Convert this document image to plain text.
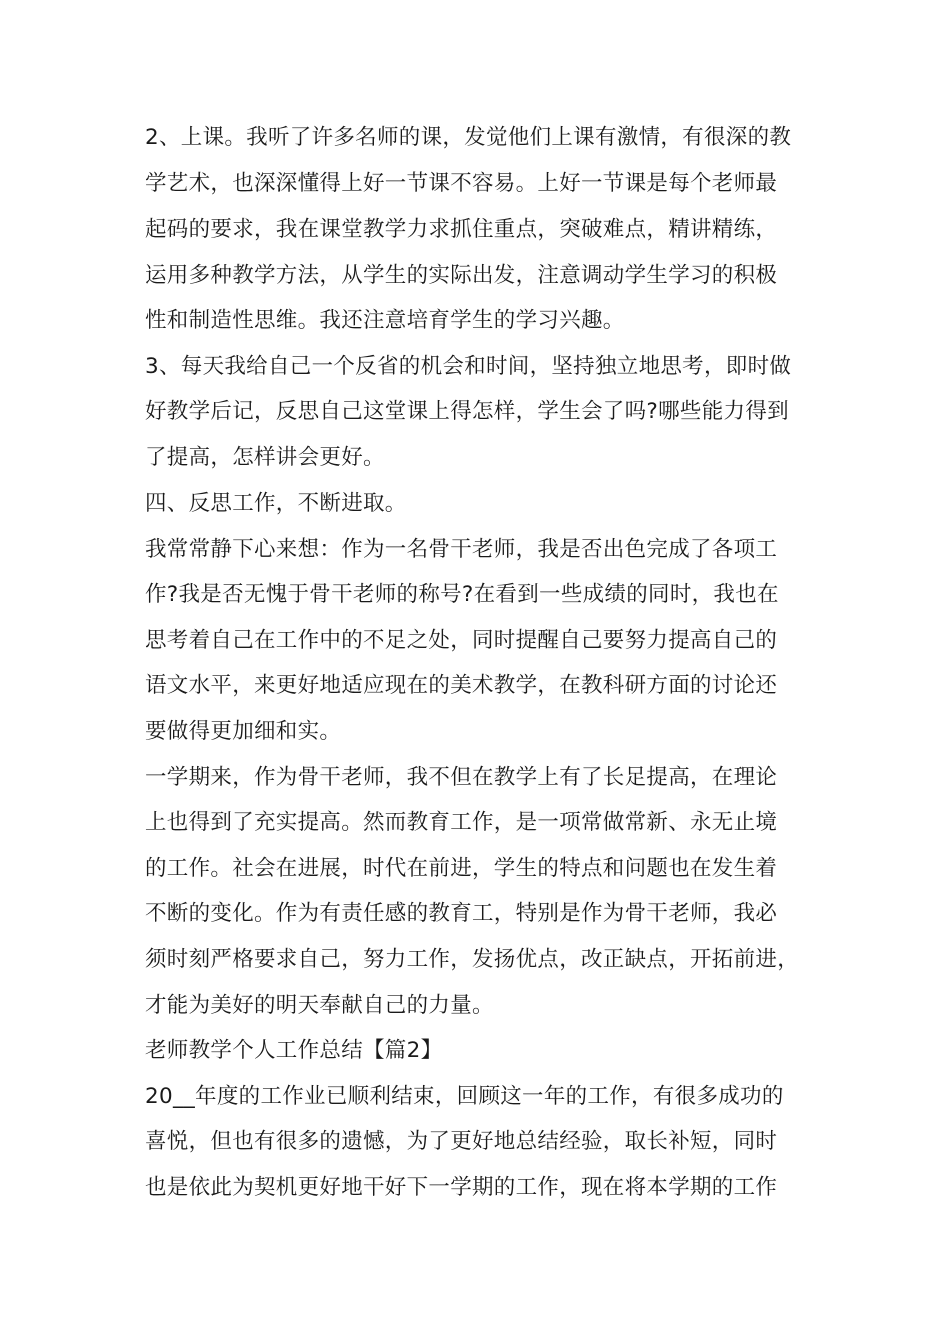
2、上课。我听了许多名师的课，发觉他们上课有激情，有很深的教

学艺术，也深深懂得上好一节课不容易。上好一节课是每个老师最

起码的要求，我在课堂教学力求抓住重点，突破难点，精讲精练，

运用多种教学方法，从学生的实际出发，注意调动学生学习的积极

性和制造性思维。我还注意培育学生的学习兴趣。

3、每天我给自己一个反省的机会和时间，坚持独立地思考，即时做

好教学后记，反思自己这堂课上得怎样，学生会了吗?哪些能力得到

了提高，怎样讲会更好。

四、反思工作，不断进取。

我常常静下心来想：作为一名骨干老师，我是否出色完成了各项工

作?我是否无愧于骨干老师的称号?在看到一些成绩的同时，我也在

思考着自己在工作中的不足之处，同时提醒自己要努力提高自己的

语文水平，来更好地适应现在的美术教学，在教科研方面的讨论还

要做得更加细和实。

一学期来，作为骨干老师，我不但在教学上有了长足提高，在理论

上也得到了充实提高。然而教育工作，是一项常做常新、永无止境

的工作。社会在进展，时代在前进，学生的特点和问题也在发生着

不断的变化。作为有责任感的教育工，特别是作为骨干老师，我必

须时刻严格要求自己，努力工作，发扬优点，改正缺点，开拓前进，

才能为美好的明天奉献自己的力量。

老师教学个人工作总结【篇2】

20__年度的工作业已顺利结束，回顾这一年的工作，有很多成功的

喜悦，但也有很多的遗憾，为了更好地总结经验，取长补短，同时

也是依此为契机更好地干好下一学期的工作，现在将本学期的工作
